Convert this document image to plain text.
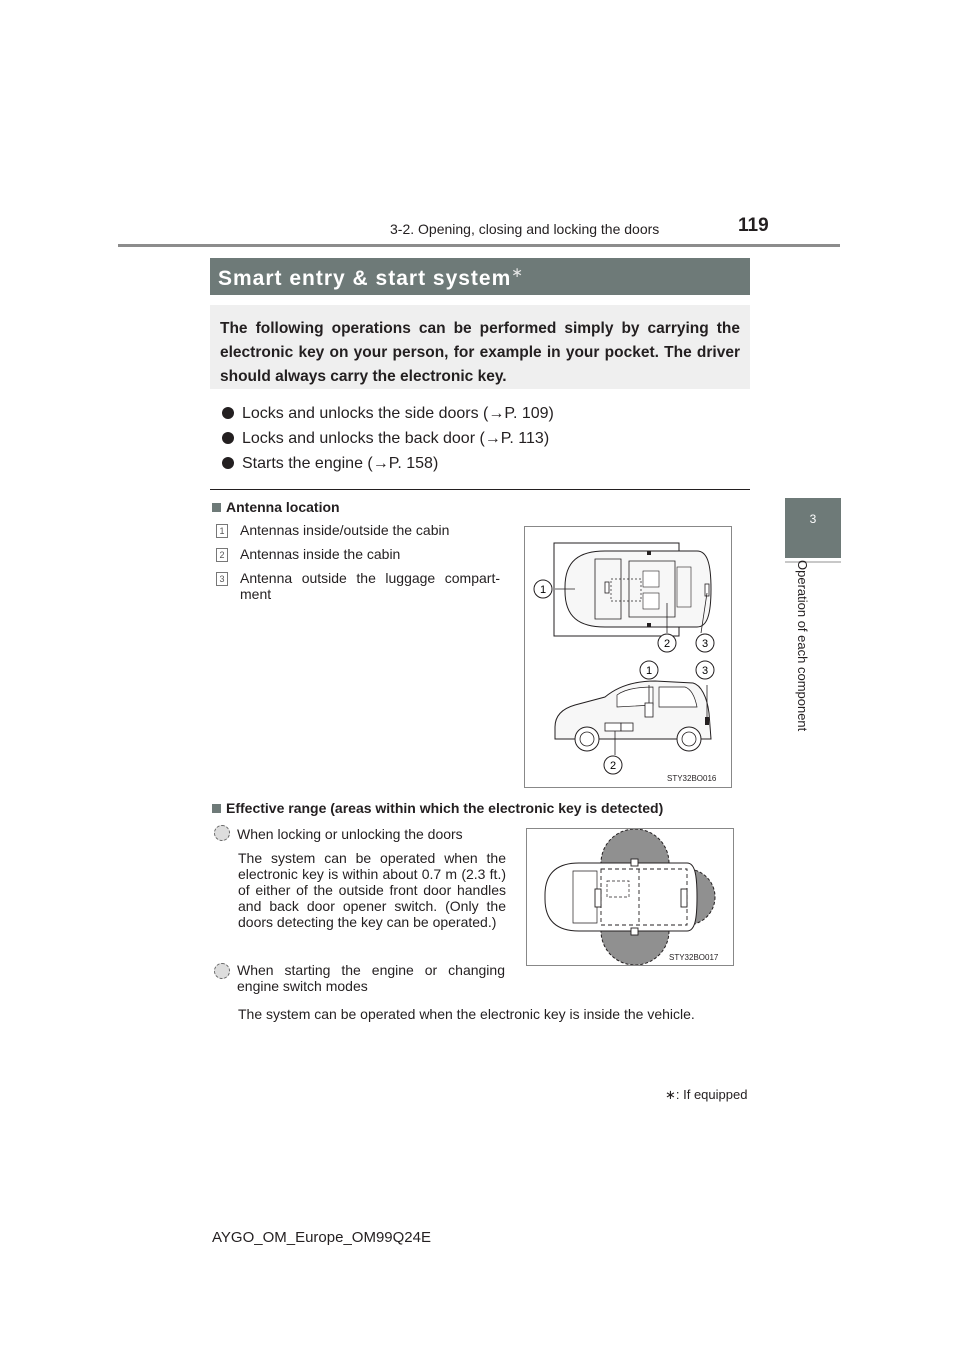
3-2. Opening, closing and locking the doors	119
3
Operation of each component
Smart entry & start system∗

The following operations can be performed simply by carrying the electronic key on your person, for example in your pocket. The driver should always carry the electronic key.

Locks and unlocks the side doors (→P. 109)
Locks and unlocks the back door (→P. 113)
Starts the engine (→P. 158)
Antenna location
1 Antennas inside/outside the cabin
2 Antennas inside the cabin
3 Antenna outside the luggage compart- ment	1
2	3
1	3
2
STY32BO016
Effective range (areas within which the electronic key is detected)
When locking or unlocking the doors
The system can be operated when the electronic key is within about 0.7 m (2.3 ft.) of either of the outside front door handles and back door opener switch. (Only the doors detecting the key can be operated.)
When starting the engine or changing engine switch modes
The system can be operated when the electronic key is inside the vehicle.
STY32BO017
∗: If equipped
AYGO_OM_Europe_OM99Q24E
